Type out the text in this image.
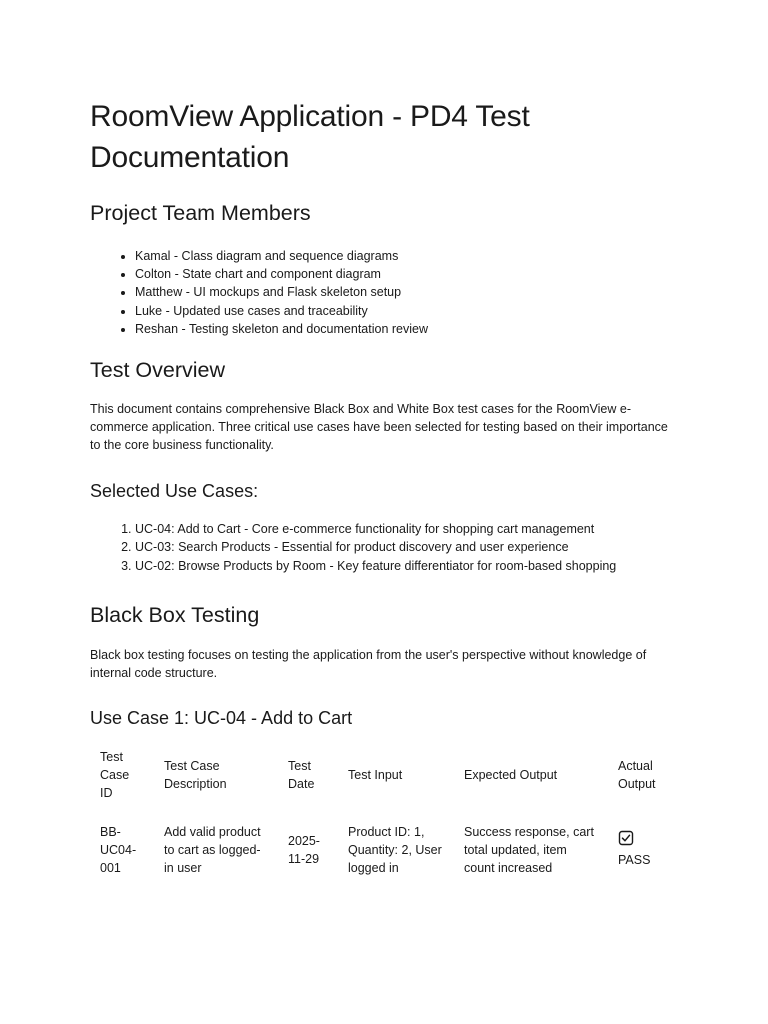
RoomView Application - PD4 Test Documentation
Project Team Members
• Kamal - Class diagram and sequence diagrams
• Colton - State chart and component diagram
• Matthew - UI mockups and Flask skeleton setup
• Luke - Updated use cases and traceability
• Reshan - Testing skeleton and documentation review
Test Overview

This document contains comprehensive Black Box and White Box test cases for the RoomView e-commerce application. Three critical use cases have been selected for testing based on their importance to the core business functionality.

Selected Use Cases:
1. UC-04: Add to Cart - Core e-commerce functionality for shopping cart management
2. UC-03: Search Products - Essential for product discovery and user experience
3. UC-02: Browse Products by Room - Key feature differentiator for room-based shopping
Black Box Testing

Black box testing focuses on testing the application from the user's perspective without knowledge of internal code structure.

Use Case 1: UC-04 - Add to Cart
Test Case ID	Test Case Description	Test Date	Test Input	Expected Output	Actual Output
BB-UC04-001	Add valid product to cart as logged-in user	2025-11-29	Product ID: 1, Quantity: 2, User logged in	Success response, cart total updated, item count increased	PASS
